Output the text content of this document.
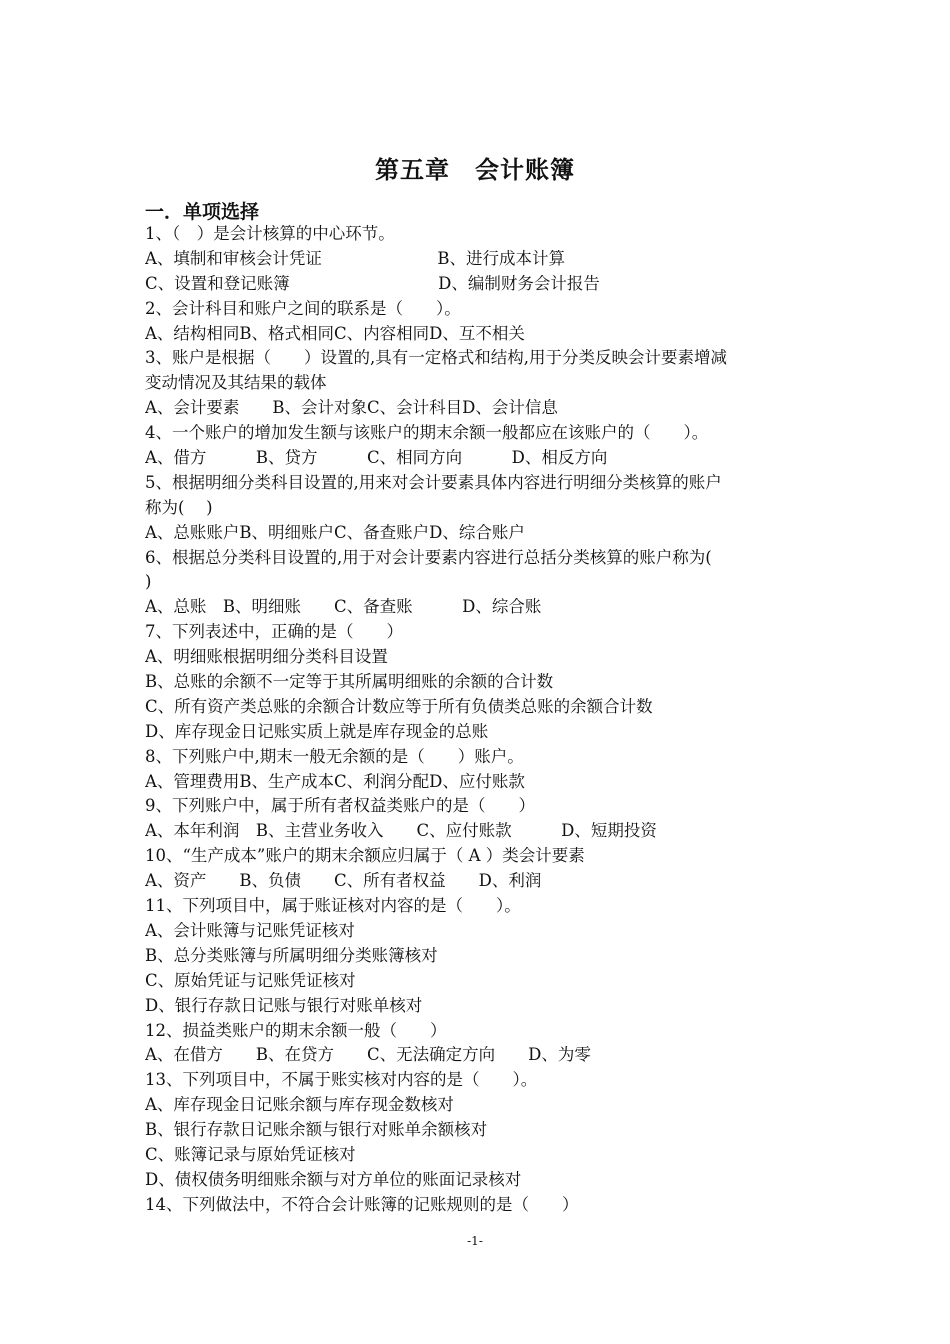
第五章　会计账簿
一．单项选择
1、（　）是会计核算的中心环节。
A、填制和审核会计凭证　　　　　　　B、进行成本计算
C、设置和登记账簿　　　　　　　　　D、编制财务会计报告
2、会计科目和账户之间的联系是（　　）。
A、结构相同B、格式相同C、内容相同D、互不相关
3、账户是根据（　　）设置的,具有一定格式和结构,用于分类反映会计要素增减
变动情况及其结果的载体
A、会计要素　　B、会计对象C、会计科目D、会计信息
4、一个账户的增加发生额与该账户的期末余额一般都应在该账户的（　　）。
A、借方　　　B、贷方　　　C、相同方向　　　D、相反方向
5、根据明细分类科目设置的,用来对会计要素具体内容进行明细分类核算的账户
称为(　 )
A、总账账户B、明细账户C、备查账户D、综合账户
6、根据总分类科目设置的,用于对会计要素内容进行总括分类核算的账户称为(
)
A、总账　B、明细账　　C、备查账　　　D、综合账
7、下列表述中，正确的是（　　）
A、明细账根据明细分类科目设置
B、总账的余额不一定等于其所属明细账的余额的合计数
C、所有资产类总账的余额合计数应等于所有负债类总账的余额合计数
D、库存现金日记账实质上就是库存现金的总账
8、下列账户中,期末一般无余额的是（　　）账户。
A、管理费用B、生产成本C、利润分配D、应付账款
9、下列账户中，属于所有者权益类账户的是（　　）
A、本年利润　B、主营业务收入　　C、应付账款　　　D、短期投资
10、“生产成本”账户的期末余额应归属于（ A ）类会计要素
A、资产　　B、负债　　C、所有者权益　　D、利润
11、下列项目中，属于账证核对内容的是（　　）。
A、会计账簿与记账凭证核对
B、总分类账簿与所属明细分类账簿核对
C、原始凭证与记账凭证核对
D、银行存款日记账与银行对账单核对
12、损益类账户的期末余额一般（　　）
A、在借方　　B、在贷方　　C、无法确定方向　　D、为零
13、下列项目中，不属于账实核对内容的是（　　）。
A、库存现金日记账余额与库存现金数核对
B、银行存款日记账余额与银行对账单余额核对
C、账簿记录与原始凭证核对
D、债权债务明细账余额与对方单位的账面记录核对
14、下列做法中，不符合会计账簿的记账规则的是（　　）
-1-
